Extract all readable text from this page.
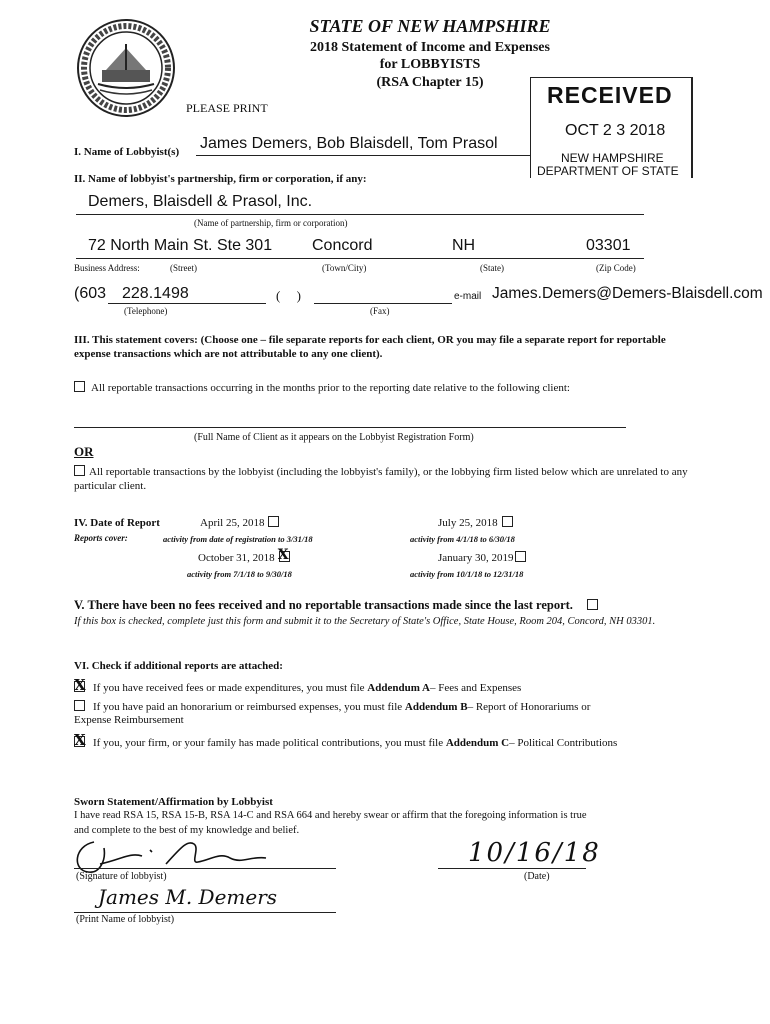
STATE OF NEW HAMPSHIRE
2018 Statement of Income and Expenses
for LOBBYISTS
(RSA Chapter 15)
PLEASE PRINT	RECEIVED
OCT 2 3 2018
NEW HAMPSHIRE
DEPARTMENT OF STATE
I. Name of Lobbyist(s) James Demers, Bob Blaisdell, Tom Prasol
II. Name of lobbyist's partnership, firm or corporation, if any:
Demers, Blaisdell & Prasol, Inc.
(Name of partnership, firm or corporation)
72 North Main St. Ste 301 Concord	NH	03301
Business Address:	(Street)	(Town/City)	(State)	(Zip Code)
(603 228.1498	(     )	e-mail James.Demers@Demers-Blaisdell.com
(Telephone)	(Fax)
III. This statement covers: (Choose one – file separate reports for each client, OR you may file a separate report for reportable expense transactions which are not attributable to any one client).
All reportable transactions occurring in the months prior to the reporting date relative to the following client:
(Full Name of Client as it appears on the Lobbyist Registration Form)
OR
All reportable transactions by the lobbyist (including the lobbyist's family), or the lobbying firm listed below which are unrelated to any particular client.
IV. Date of Report
Reports cover:
April 25, 2018
activity from date of registration to 3/31/18
July 25, 2018
activity from 4/1/18 to 6/30/18
October 31, 2018 X
activity from 7/1/18 to 9/30/18
January 30, 2019
activity from 10/1/18 to 12/31/18
V. There have been no fees received and no reportable transactions made since the last report.
If this box is checked, complete just this form and submit it to the Secretary of State's Office, State House, Room 204, Concord, NH 03301.
VI. Check if additional reports are attached:
X If you have received fees or made expenditures, you must file Addendum A– Fees and Expenses
If you have paid an honorarium or reimbursed expenses, you must file Addendum B– Report of Honorariums or
Expense Reimbursement
X If you, your firm, or your family has made political contributions, you must file Addendum C– Political Contributions
Sworn Statement/Affirmation by Lobbyist
I have read RSA 15, RSA 15-B, RSA 14-C and RSA 664 and hereby swear or affirm that the foregoing information is true
and complete to the best of my knowledge and belief.
(Signature of lobbyist)
10/16/18
(Date)
James M. Demers
(Print Name of lobbyist)
